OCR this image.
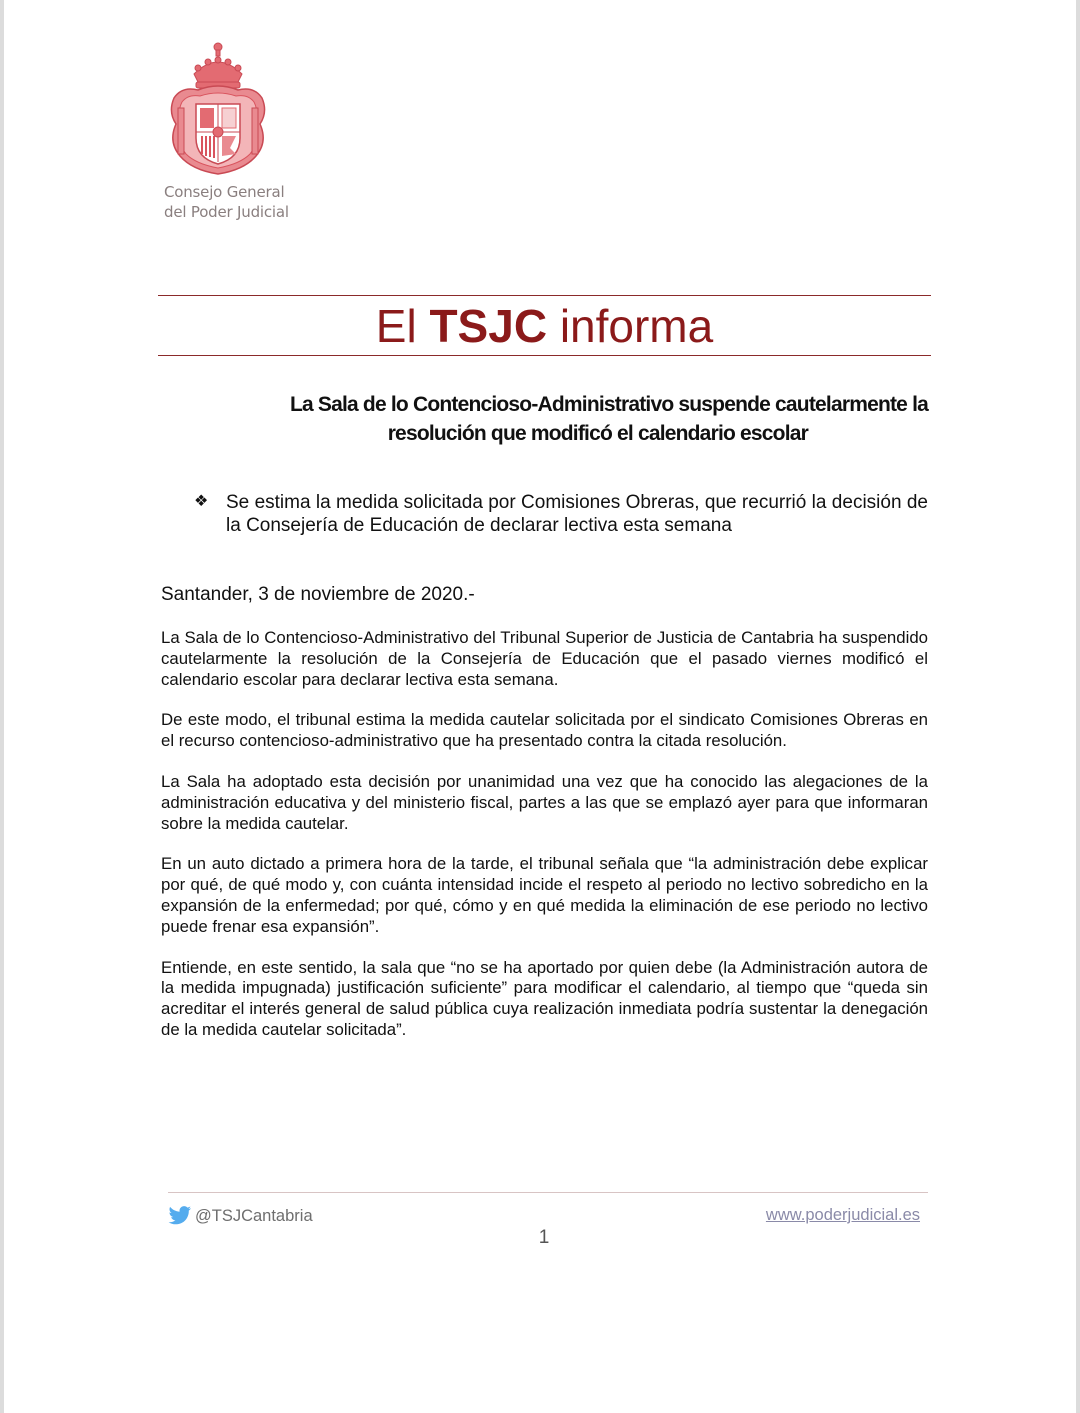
Consejo General
del Poder Judicial
El TSJC informa
La Sala de lo Contencioso-Administrativo suspende cautelarmente la
resolución que modificó el calendario escolar
❖ Se estima la medida solicitada por Comisiones Obreras, que recurrió la decisión de la Consejería de Educación de declarar lectiva esta semana
Santander, 3 de noviembre de 2020.-

La Sala de lo Contencioso-Administrativo del Tribunal Superior de Justicia de Cantabria ha suspendido cautelarmente la resolución de la Consejería de Educación que el pasado viernes modificó el calendario escolar para declarar lectiva esta semana.

De este modo, el tribunal estima la medida cautelar solicitada por el sindicato Comisiones Obreras en el recurso contencioso-administrativo que ha presentado contra la citada resolución.

La Sala ha adoptado esta decisión por unanimidad una vez que ha conocido las alegaciones de la administración educativa y del ministerio fiscal, partes a las que se emplazó ayer para que informaran sobre la medida cautelar.

En un auto dictado a primera hora de la tarde, el tribunal señala que “la administración debe explicar por qué, de qué modo y, con cuánta intensidad incide el respeto al periodo no lectivo sobredicho en la expansión de la enfermedad; por qué, cómo y en qué medida la eliminación de ese periodo no lectivo puede frenar esa expansión”.

Entiende, en este sentido, la sala que “no se ha aportado por quien debe (la Administración autora de la medida impugnada) justificación suficiente” para modificar el calendario, al tiempo que “queda sin acreditar el interés general de salud pública cuya realización inmediata podría sustentar la denegación de la medida cautelar solicitada”.

@TSJCantabria	www.poderjudicial.es
1
